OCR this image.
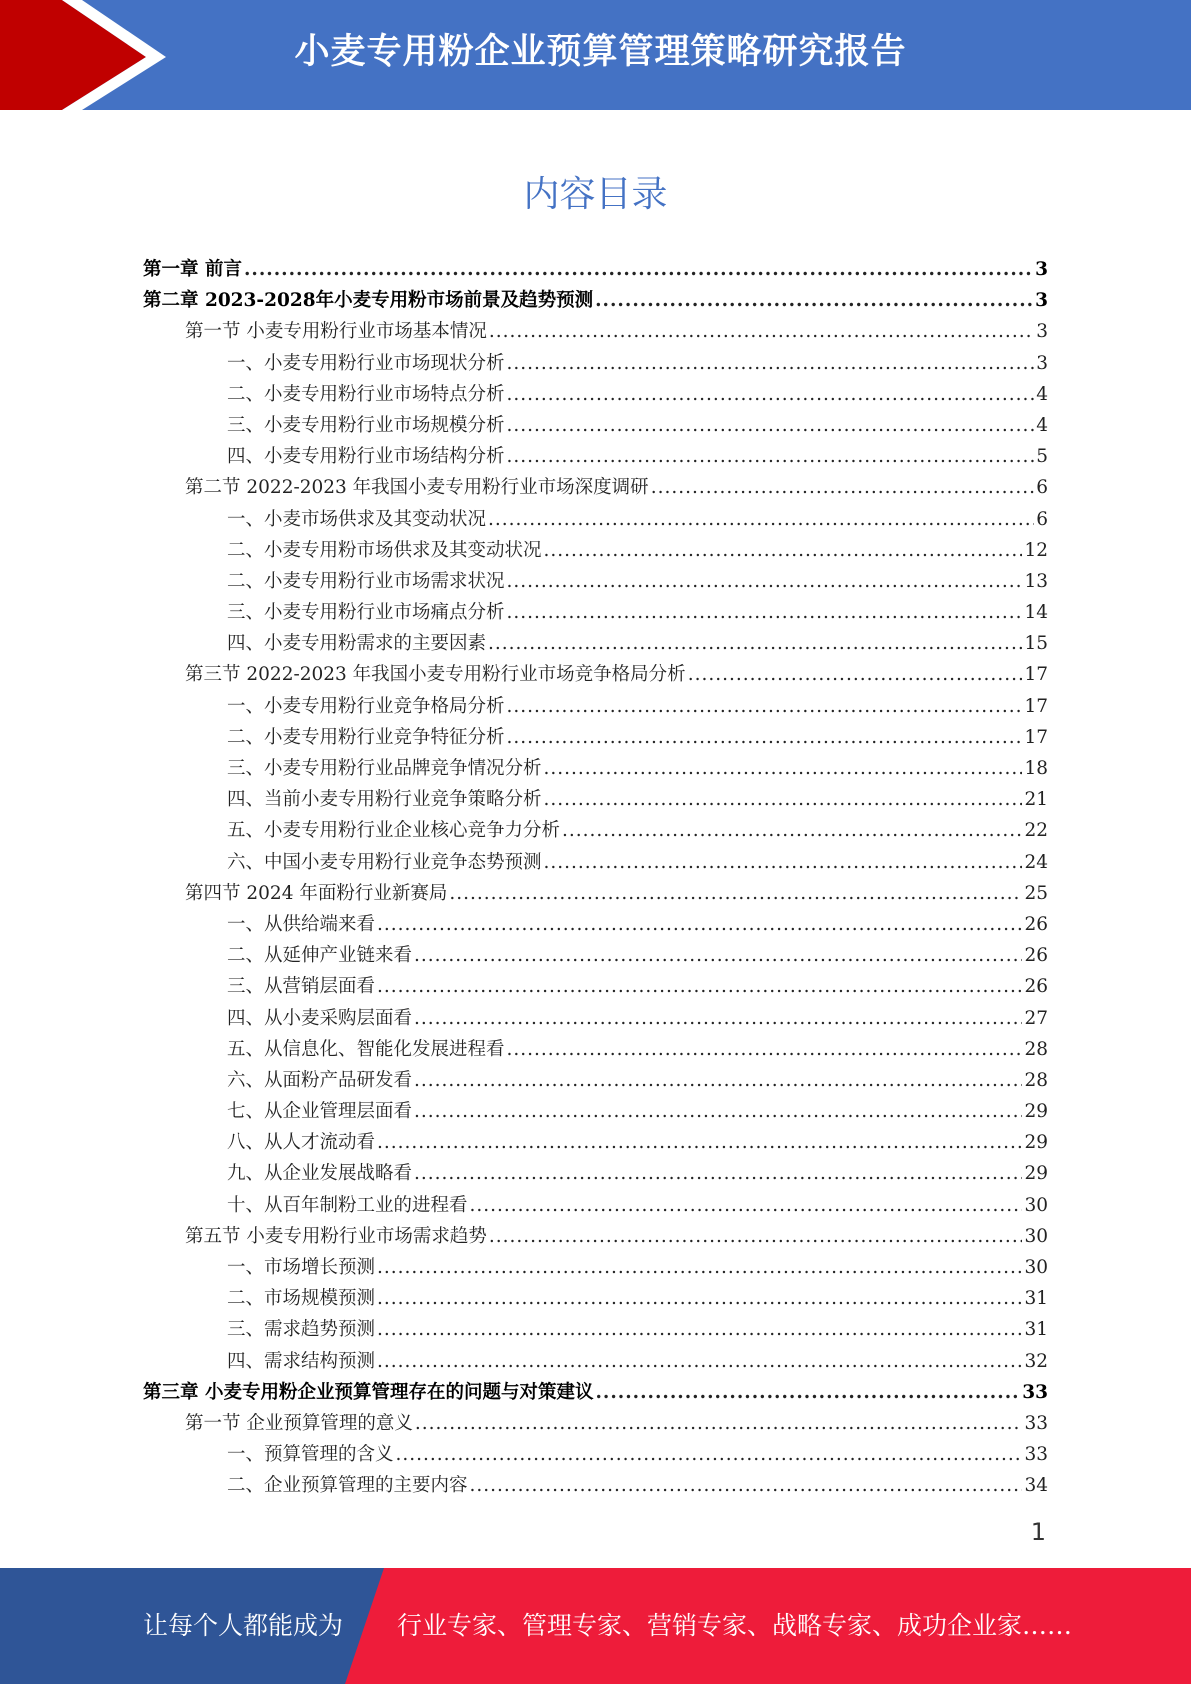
小麦专用粉企业预算管理策略研究报告
内容目录
第一章 前言 .....	3
第二章 2023-2028年小麦专用粉市场前景及趋势预测 .....	3
第一节 小麦专用粉行业市场基本情况 .....	3
一、小麦专用粉行业市场现状分析 .....	3
二、小麦专用粉行业市场特点分析 .....	4
三、小麦专用粉行业市场规模分析 .....	4
四、小麦专用粉行业市场结构分析 .....	5
第二节 2022-2023 年我国小麦专用粉行业市场深度调研 .....	6
一、小麦市场供求及其变动状况 .....	6
二、小麦专用粉市场供求及其变动状况 .....	12
二、小麦专用粉行业市场需求状况 .....	13
三、小麦专用粉行业市场痛点分析 .....	14
四、小麦专用粉需求的主要因素 .....	15
第三节 2022-2023 年我国小麦专用粉行业市场竞争格局分析 .....	17
一、小麦专用粉行业竞争格局分析 .....	17
二、小麦专用粉行业竞争特征分析 .....	17
三、小麦专用粉行业品牌竞争情况分析 .....	18
四、当前小麦专用粉行业竞争策略分析 .....	21
五、小麦专用粉行业企业核心竞争力分析 .....	22
六、中国小麦专用粉行业竞争态势预测 .....	24
第四节 2024 年面粉行业新赛局 .....	25
一、从供给端来看 .....	26
二、从延伸产业链来看 .....	26
三、从营销层面看 .....	26
四、从小麦采购层面看 .....	27
五、从信息化、智能化发展进程看 .....	28
六、从面粉产品研发看 .....	28
七、从企业管理层面看 .....	29
八、从人才流动看 .....	29
九、从企业发展战略看 .....	29
十、从百年制粉工业的进程看 .....	30
第五节 小麦专用粉行业市场需求趋势 .....	30
一、市场增长预测 .....	30
二、市场规模预测 .....	31
三、需求趋势预测 .....	31
四、需求结构预测 .....	32
第三章 小麦专用粉企业预算管理存在的问题与对策建议 .....	33
第一节 企业预算管理的意义 .....	33
一、预算管理的含义 .....	33
二、企业预算管理的主要内容 .....	34
1
让每个人都能成为 行业专家、管理专家、营销专家、战略专家、成功企业家……
